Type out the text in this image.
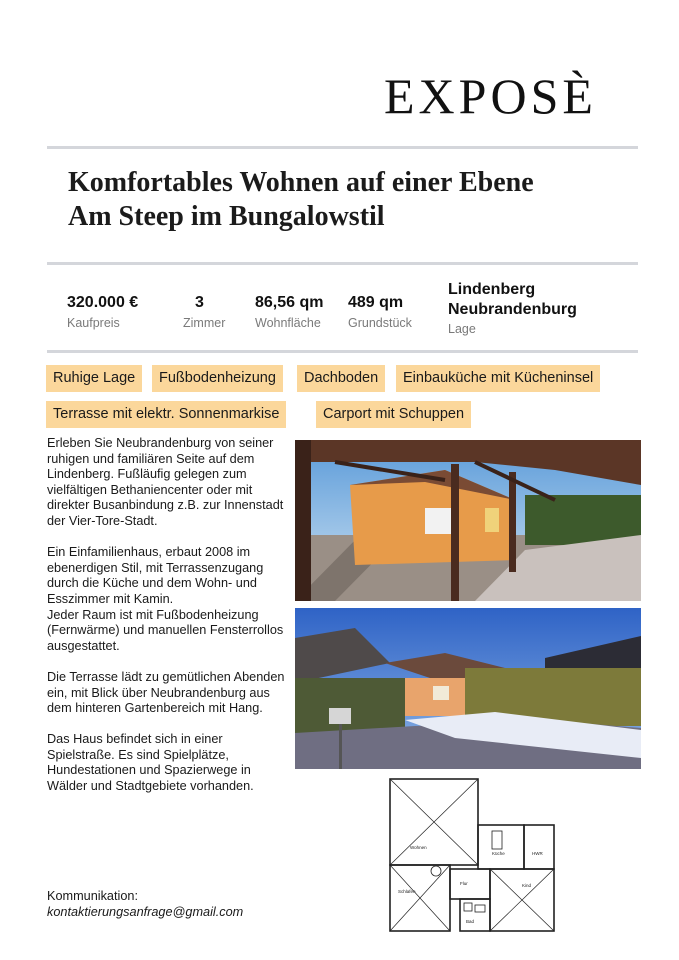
EXPOSÈ
Komfortables Wohnen auf einer Ebene
Am Steep im Bungalowstil
320.000 €
Kaufpreis
3
Zimmer
86,56 qm
Wohnfläche
489 qm
Grundstück
Lindenberg
Neubrandenburg
Lage
Ruhige Lage	Fußbodenheizung	Dachboden	Einbauküche mit Kücheninsel
Terrasse mit elektr. Sonnenmarkise	Carport mit Schuppen

Erleben Sie Neubrandenburg von seiner ruhigen und familiären Seite auf dem Lindenberg. Fußläufig gelegen zum vielfältigen Bethaniencenter oder mit direkter Busanbindung z.B. zur Innenstadt der Vier-Tore-Stadt.

Ein Einfamilienhaus, erbaut 2008 im ebenerdigen Stil, mit Terrassenzugang durch die Küche und dem Wohn- und Esszimmer mit Kamin.
Jeder Raum ist mit Fußbodenheizung (Fernwärme) und manuellen Fensterrollos ausgestattet.

Die Terrasse lädt zu gemütlichen Abenden ein, mit Blick über Neubrandenburg aus dem hinteren Gartenbereich mit Hang.

Das Haus befindet sich in einer Spielstraße. Es sind Spielplätze, Hundestationen und Spazierwege in Wälder und Stadtgebiete vorhanden.

Kommunikation:
kontaktierungsanfrage@gmail.com
Wohnen
Küche	HWR
Flur
Schlafen
Bad
Kind
